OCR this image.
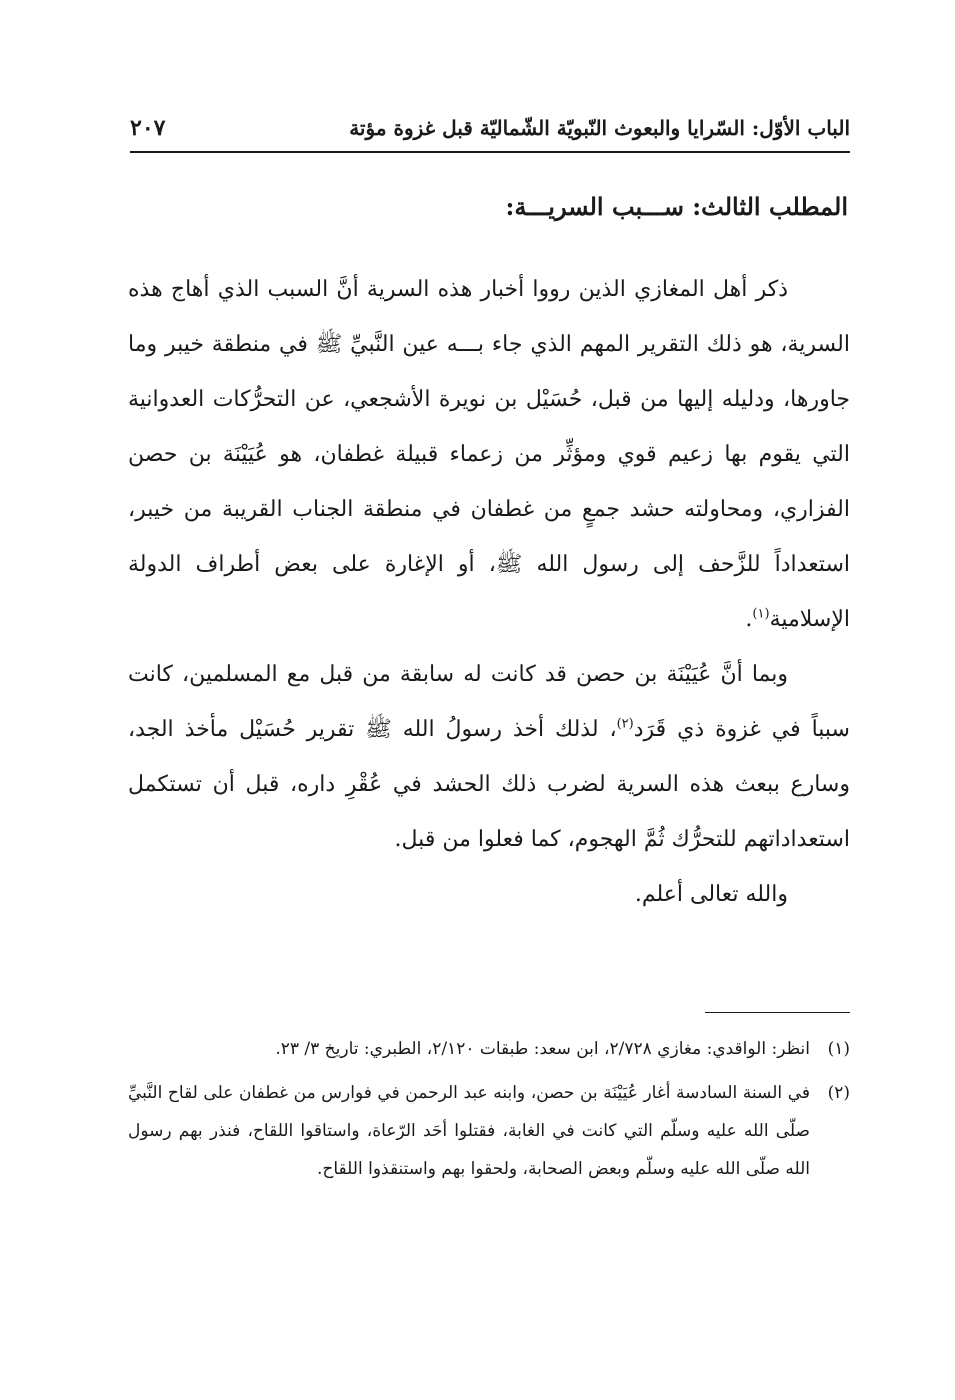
الباب الأوّل: السّرايا والبعوث النّبويّة الشّماليّة قبل غزوة مؤتة
٢٠٧
المطلب الثالث: ســـبب السريـــة:

ذكر أهل المغازي الذين رووا أخبار هذه السرية أنَّ السبب الذي أهاج هذه السرية، هو ذلك التقرير المهم الذي جاء بـــه عين النَّبيِّ ﷺ في منطقة خيبر وما جاورها، ودليله إليها من قبل، حُسَيْل بن نويرة الأشجعي، عن التحرُّكات العدوانية التي يقوم بها زعيم قوي ومؤثِّر من زعماء قبيلة غطفان، هو عُيَيْنَة بن حصن الفزاري، ومحاولته حشد جمعٍ من غطفان في منطقة الجناب القريبة من خيبر، استعداداً للزَّحف إلى رسول الله ﷺ، أو الإغارة على بعض أطراف الدولة الإسلامية$^{(١)}$.

وبما أنَّ عُيَيْنَة بن حصن قد كانت له سابقة من قبل مع المسلمين، كانت سبباً في غزوة ذي قَرَد$^{(٢)}$، لذلك أخذ رسولُ الله ﷺ تقرير حُسَيْل مأخذ الجد، وسارع ببعث هذه السرية لضرب ذلك الحشد في عُقْرِ داره، قبل أن تستكمل استعداداتهم للتحرُّك ثُمَّ الهجوم، كما فعلوا من قبل.

والله تعالى أعلم.

(١)
انظر: الواقدي: مغازي ٢/٧٢٨، ابن سعد: طبقات ٢/١٢٠، الطبري: تاريخ ٣/ ٢٣.

(٢)
في السنة السادسة أغار عُيَيْنَة بن حصن، وابنه عبد الرحمن في فوارس من غطفان على لقاح النَّبيِّ صلّى الله عليه وسلّم التي كانت في الغابة، فقتلوا أحَد الرّعاة، واستاقوا اللقاح، فنذر بهم رسول الله صلّى الله عليه وسلّم وبعض الصحابة، ولحقوا بهم واستنقذوا اللقاح.
